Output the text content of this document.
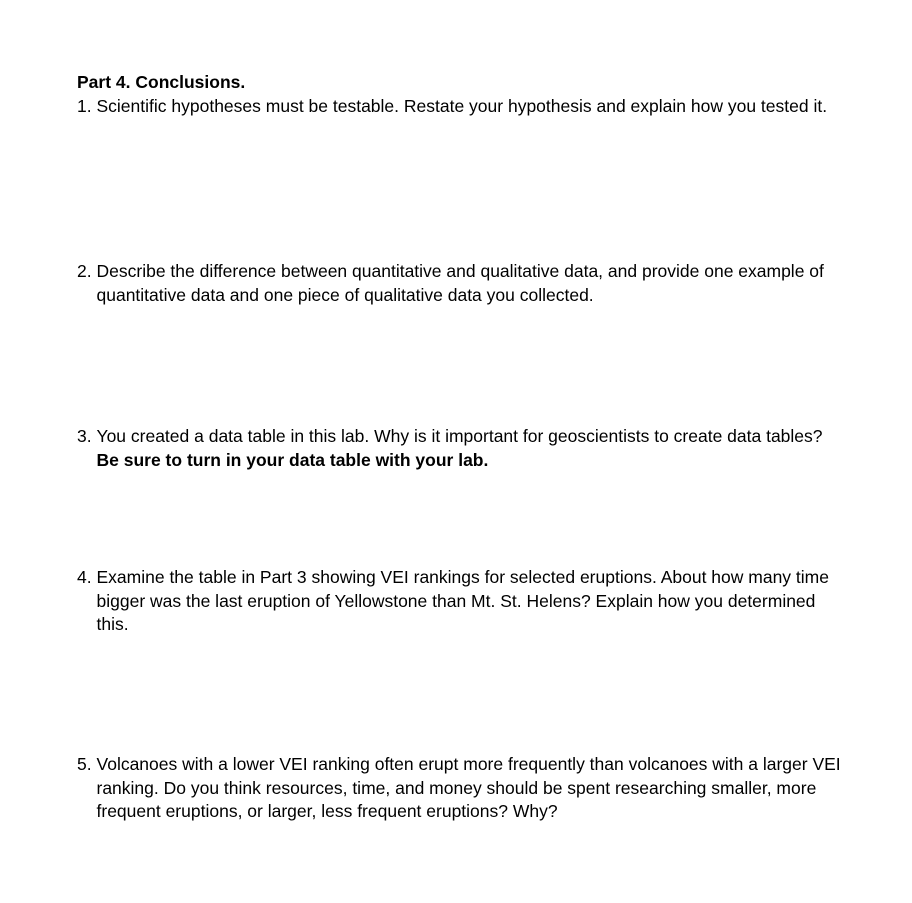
Part 4. Conclusions.
1. Scientific hypotheses must be testable. Restate your hypothesis and explain how you tested it.
2. Describe the difference between quantitative and qualitative data, and provide one example of quantitative data and one piece of qualitative data you collected.
3. You created a data table in this lab. Why is it important for geoscientists to create data tables? Be sure to turn in your data table with your lab.
4. Examine the table in Part 3 showing VEI rankings for selected eruptions. About how many time bigger was the last eruption of Yellowstone than Mt. St. Helens? Explain how you determined this.
5. Volcanoes with a lower VEI ranking often erupt more frequently than volcanoes with a larger VEI ranking. Do you think resources, time, and money should be spent researching smaller, more frequent eruptions, or larger, less frequent eruptions? Why?
